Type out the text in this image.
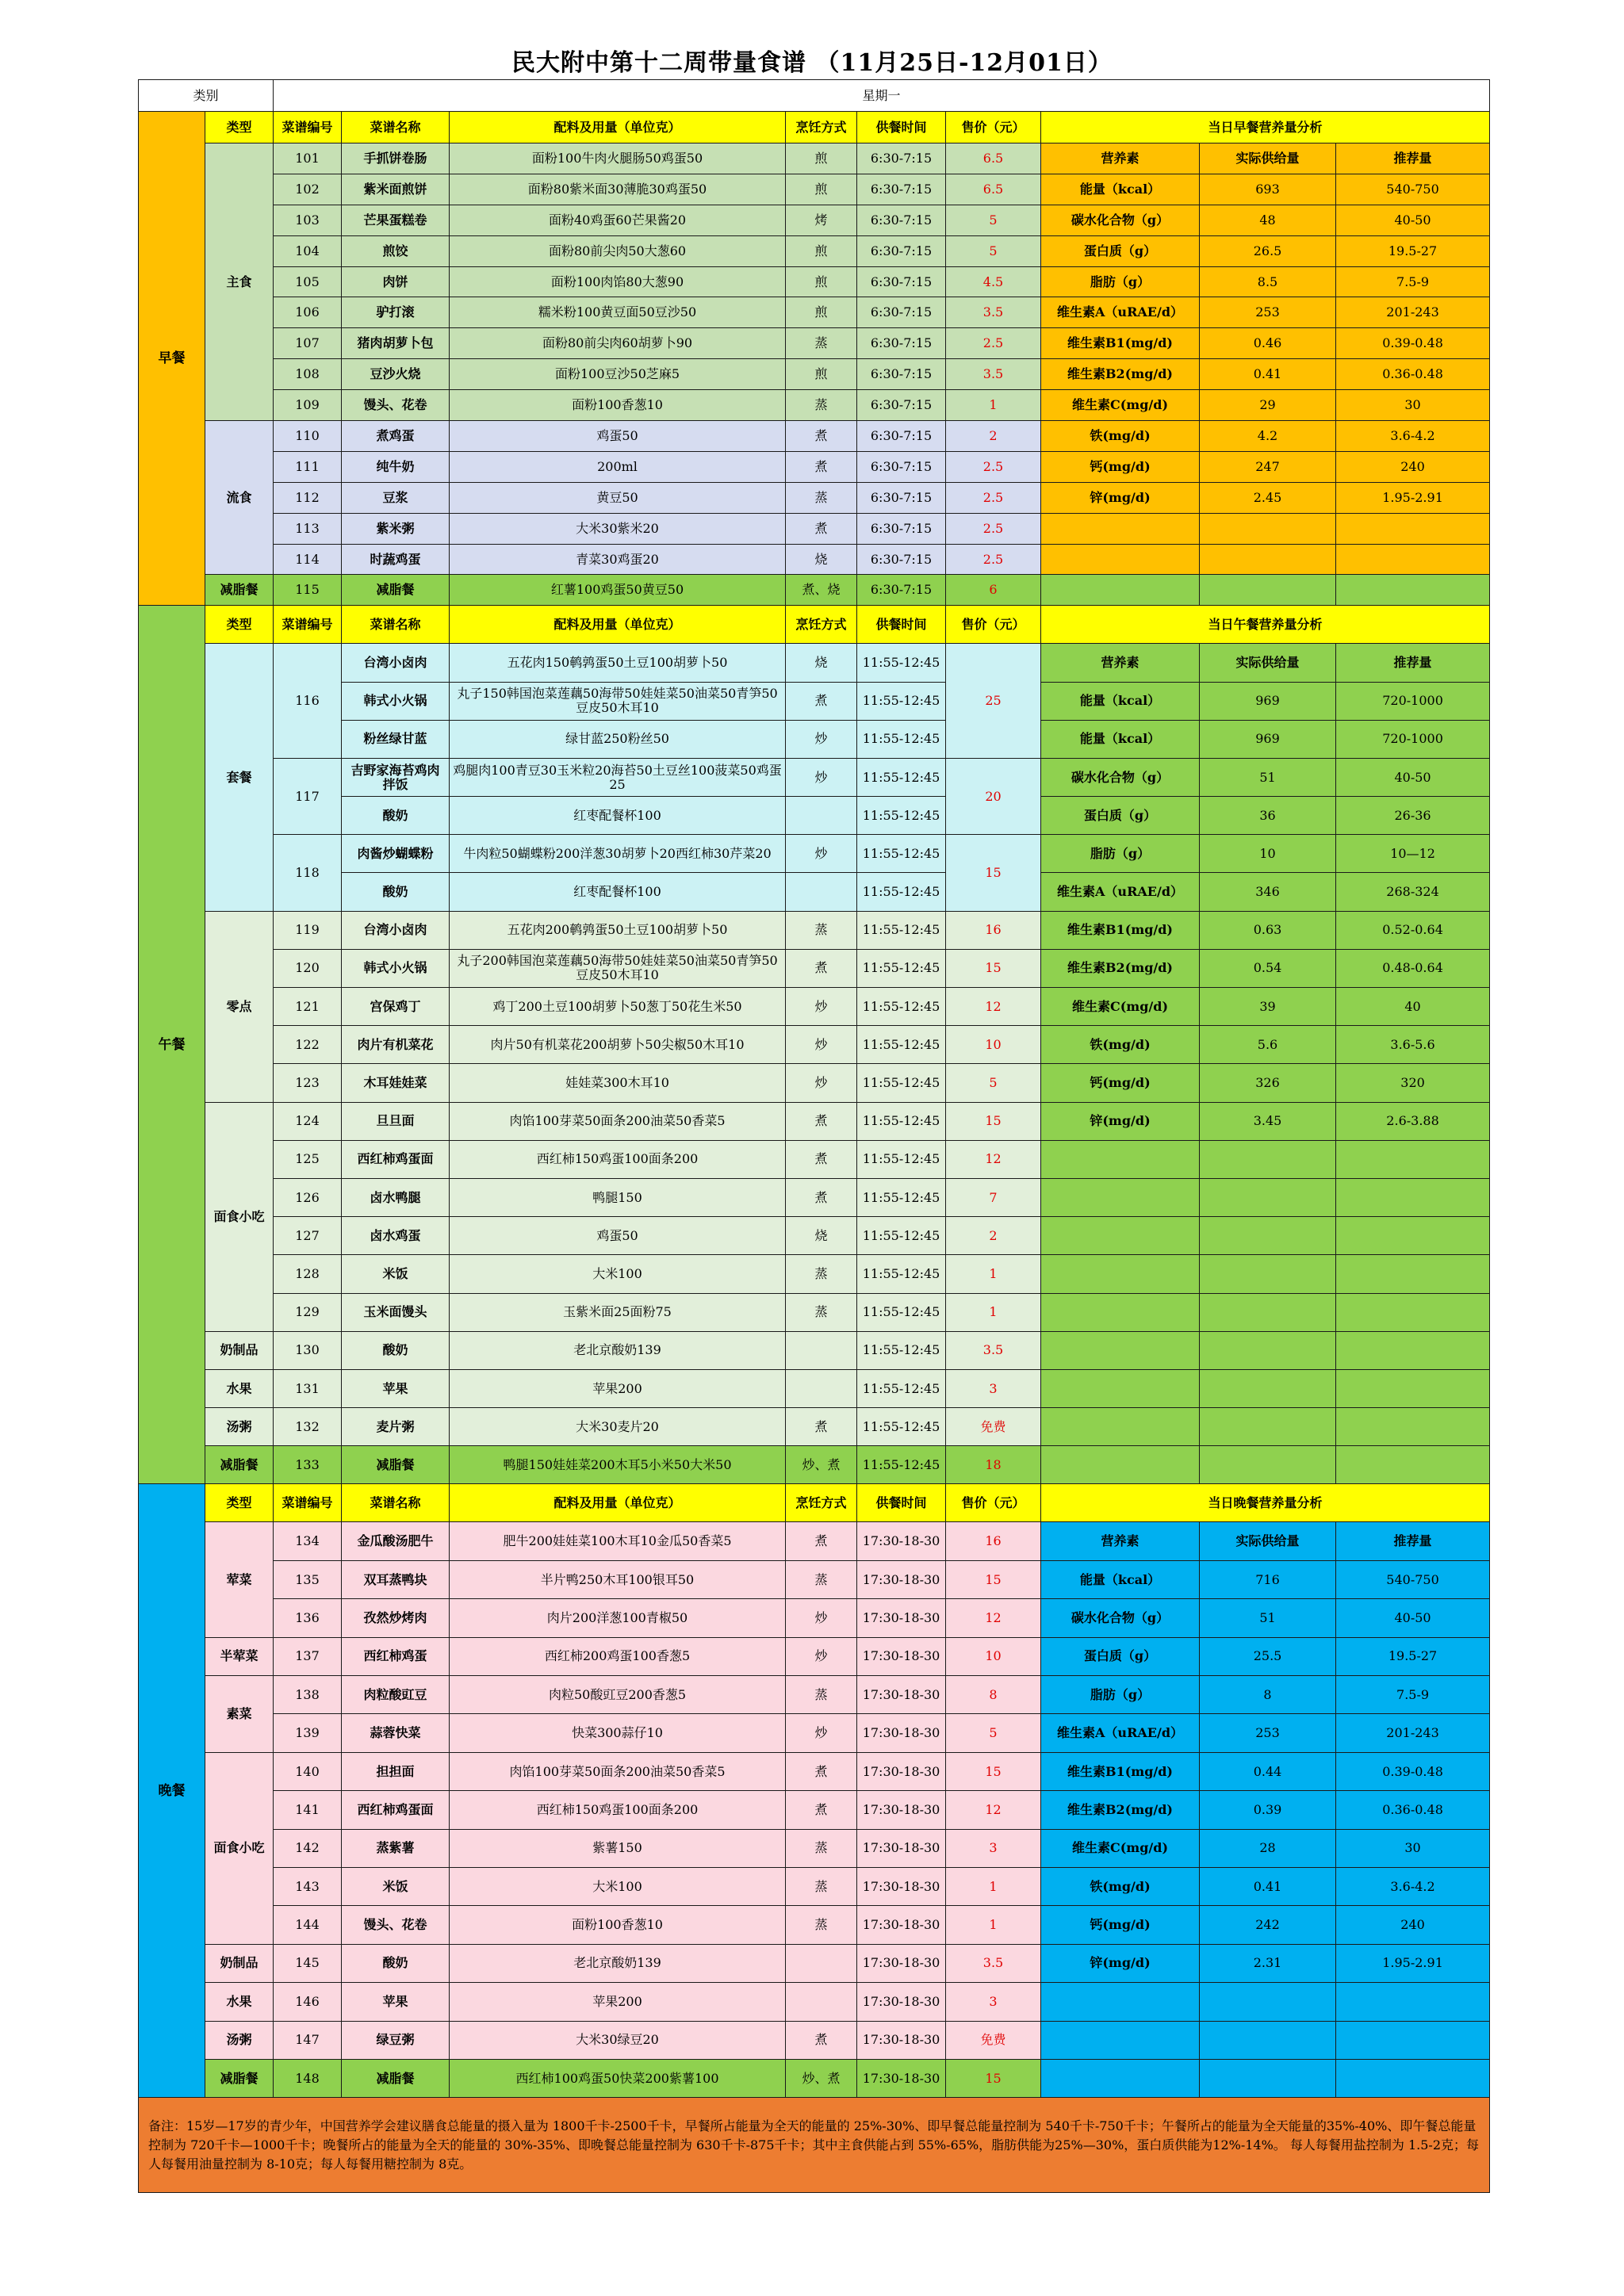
民大附中第十二周带量食谱 （11月25日-12月01日）
类别		星期一								
早餐	类型	菜谱编号	菜谱名称	配料及用量（单位克）	烹饪方式	供餐时间	售价（元）	当日早餐营养量分析		
	主食	101	手抓饼卷肠	面粉100牛肉火腿肠50鸡蛋50	煎	6:30-7:15	6.5	营养素	实际供给量	推荐量
		102	紫米面煎饼	面粉80紫米面30薄脆30鸡蛋50	煎	6:30-7:15	6.5	能量（kcal）	693	540-750
		103	芒果蛋糕卷	面粉40鸡蛋60芒果酱20	烤	6:30-7:15	5	碳水化合物（g）	48	40-50
		104	煎饺	面粉80前尖肉50大葱60	煎	6:30-7:15	5	蛋白质（g）	26.5	19.5-27
		105	肉饼	面粉100肉馅80大葱90	煎	6:30-7:15	4.5	脂肪（g）	8.5	7.5-9
		106	驴打滚	糯米粉100黄豆面50豆沙50	煎	6:30-7:15	3.5	维生素A（uRAE/d）	253	201-243
		107	猪肉胡萝卜包	面粉80前尖肉60胡萝卜90	蒸	6:30-7:15	2.5	维生素B1(mg/d)	0.46	0.39-0.48
		108	豆沙火烧	面粉100豆沙50芝麻5	煎	6:30-7:15	3.5	维生素B2(mg/d)	0.41	0.36-0.48
		109	馒头、花卷	面粉100香葱10	蒸	6:30-7:15	1	维生素C(mg/d)	29	30
	流食	110	煮鸡蛋	鸡蛋50	煮	6:30-7:15	2	铁(mg/d)	4.2	3.6-4.2
		111	纯牛奶	200ml	煮	6:30-7:15	2.5	钙(mg/d)	247	240
		112	豆浆	黄豆50	蒸	6:30-7:15	2.5	锌(mg/d)	2.45	1.95-2.91
		113	紫米粥	大米30紫米20	煮	6:30-7:15	2.5			
		114	时蔬鸡蛋	青菜30鸡蛋20	烧	6:30-7:15	2.5			
	减脂餐	115	减脂餐	红薯100鸡蛋50黄豆50	煮、烧	6:30-7:15	6			
午餐	类型	菜谱编号	菜谱名称	配料及用量（单位克）	烹饪方式	供餐时间	售价（元）	当日午餐营养量分析		
	套餐	116	台湾小卤肉	五花肉150鹌鹑蛋50土豆100胡萝卜50	烧	11:55-12:45	25	营养素	实际供给量	推荐量
			韩式小火锅	丸子150韩国泡菜莲藕50海带50娃娃菜50油菜50青笋50豆皮50木耳10	煮	11:55-12:45		能量（kcal）	969	720-1000
			粉丝绿甘蓝	绿甘蓝250粉丝50	炒	11:55-12:45		能量（kcal）	969	720-1000
		117	吉野家海苔鸡肉拌饭	鸡腿肉100青豆30玉米粒20海苔50土豆丝100菠菜50鸡蛋25	炒	11:55-12:45	20	碳水化合物（g）	51	40-50
			酸奶	红枣配餐杯100		11:55-12:45		蛋白质（g）	36	26-36
		118	肉酱炒蝴蝶粉	牛肉粒50蝴蝶粉200洋葱30胡萝卜20西红柿30芹菜20	炒	11:55-12:45	15	脂肪（g）	10	10—12
			酸奶	红枣配餐杯100		11:55-12:45		维生素A（uRAE/d）	346	268-324
	零点	119	台湾小卤肉	五花肉200鹌鹑蛋50土豆100胡萝卜50	蒸	11:55-12:45	16	维生素B1(mg/d)	0.63	0.52-0.64
		120	韩式小火锅	丸子200韩国泡菜莲藕50海带50娃娃菜50油菜50青笋50豆皮50木耳10	煮	11:55-12:45	15	维生素B2(mg/d)	0.54	0.48-0.64
		121	宫保鸡丁	鸡丁200土豆100胡萝卜50葱丁50花生米50	炒	11:55-12:45	12	维生素C(mg/d)	39	40
		122	肉片有机菜花	肉片50有机菜花200胡萝卜50尖椒50木耳10	炒	11:55-12:45	10	铁(mg/d)	5.6	3.6-5.6
		123	木耳娃娃菜	娃娃菜300木耳10	炒	11:55-12:45	5	钙(mg/d)	326	320
	面食小吃	124	旦旦面	肉馅100芽菜50面条200油菜50香菜5	煮	11:55-12:45	15	锌(mg/d)	3.45	2.6-3.88
		125	西红柿鸡蛋面	西红柿150鸡蛋100面条200	煮	11:55-12:45	12			
		126	卤水鸭腿	鸭腿150	煮	11:55-12:45	7			
		127	卤水鸡蛋	鸡蛋50	烧	11:55-12:45	2			
		128	米饭	大米100	蒸	11:55-12:45	1			
		129	玉米面馒头	玉紫米面25面粉75	蒸	11:55-12:45	1			
	奶制品	130	酸奶	老北京酸奶139		11:55-12:45	3.5			
	水果	131	苹果	苹果200		11:55-12:45	3			
	汤粥	132	麦片粥	大米30麦片20	煮	11:55-12:45	免费			
	减脂餐	133	减脂餐	鸭腿150娃娃菜200木耳5小米50大米50	炒、煮	11:55-12:45	18			
晚餐	类型	菜谱编号	菜谱名称	配料及用量（单位克）	烹饪方式	供餐时间	售价（元）	当日晚餐营养量分析		
	荤菜	134	金瓜酸汤肥牛	肥牛200娃娃菜100木耳10金瓜50香菜5	煮	17:30-18-30	16	营养素	实际供给量	推荐量
		135	双耳蒸鸭块	半片鸭250木耳100银耳50	蒸	17:30-18-30	15	能量（kcal）	716	540-750
		136	孜然炒烤肉	肉片200洋葱100青椒50	炒	17:30-18-30	12	碳水化合物（g）	51	40-50
	半荤菜	137	西红柿鸡蛋	西红柿200鸡蛋100香葱5	炒	17:30-18-30	10	蛋白质（g）	25.5	19.5-27
	素菜	138	肉粒酸豇豆	肉粒50酸豇豆200香葱5	蒸	17:30-18-30	8	脂肪（g）	8	7.5-9
		139	蒜蓉快菜	快菜300蒜仔10	炒	17:30-18-30	5	维生素A（uRAE/d）	253	201-243
	面食小吃	140	担担面	肉馅100芽菜50面条200油菜50香菜5	煮	17:30-18-30	15	维生素B1(mg/d)	0.44	0.39-0.48
		141	西红柿鸡蛋面	西红柿150鸡蛋100面条200	煮	17:30-18-30	12	维生素B2(mg/d)	0.39	0.36-0.48
		142	蒸紫薯	紫薯150	蒸	17:30-18-30	3	维生素C(mg/d)	28	30
		143	米饭	大米100	蒸	17:30-18-30	1	铁(mg/d)	0.41	3.6-4.2
		144	馒头、花卷	面粉100香葱10	蒸	17:30-18-30	1	钙(mg/d)	242	240
	奶制品	145	酸奶	老北京酸奶139		17:30-18-30	3.5	锌(mg/d)	2.31	1.95-2.91
	水果	146	苹果	苹果200		17:30-18-30	3			
	汤粥	147	绿豆粥	大米30绿豆20	煮	17:30-18-30	免费			
	减脂餐	148	减脂餐	西红柿100鸡蛋50快菜200紫薯100	炒、煮	17:30-18-30	15			
备注：15岁—17岁的青少年，中国营养学会建议膳食总能量的摄入量为 1800千卡-2500千卡，早餐所占能量为全天的能量的 25%-30%、即早餐总能量控制为 540千卡-750千卡；午餐所占的能量为全天能量的35%-40%、即午餐总能量控制为 720千卡—1000千卡；晚餐所占的能量为全天的能量的 30%-35%、即晚餐总能量控制为 630千卡-875千卡；其中主食供能占到 55%-65%，脂肪供能为25%—30%，蛋白质供能为12%-14%。 每人每餐用盐控制为 1.5-2克；每人每餐用油量控制为 8-10克；每人每餐用糖控制为 8克。										
